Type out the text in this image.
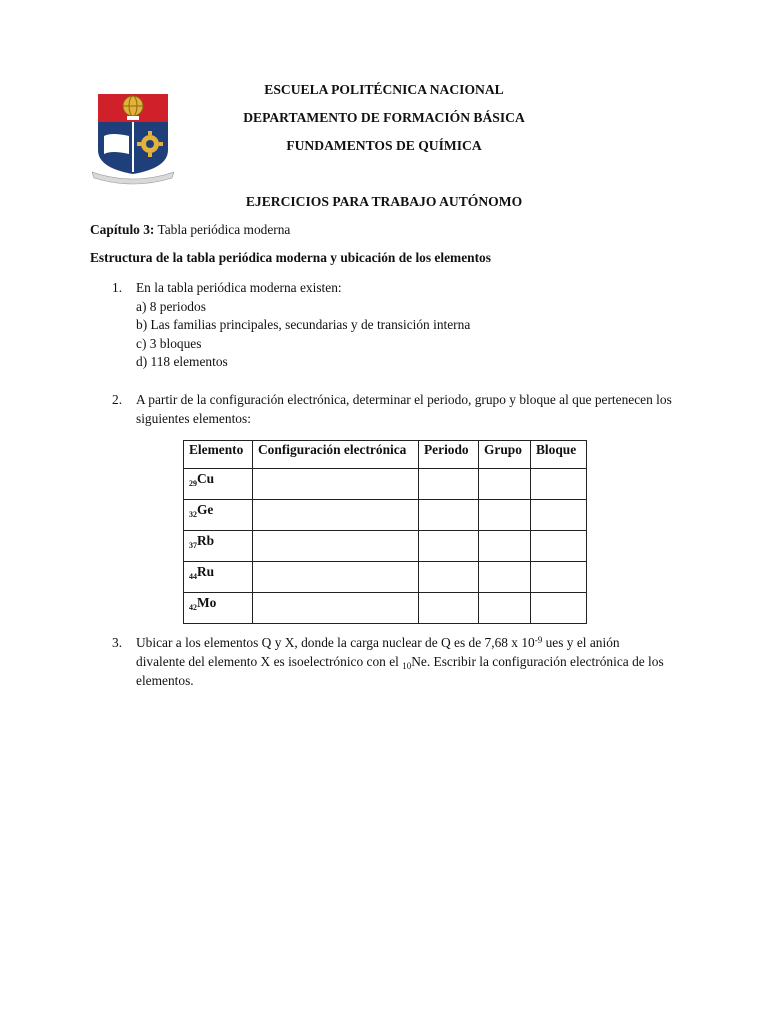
ESCUELA POLITÉCNICA NACIONAL
DEPARTAMENTO DE FORMACIÓN BÁSICA
FUNDAMENTOS DE QUÍMICA
EJERCICIOS PARA TRABAJO AUTÓNOMO
Capítulo 3: Tabla periódica moderna
Estructura de la tabla periódica moderna y ubicación de los elementos
1.	En la tabla periódica moderna existen:
a) 8 periodos
b) Las familias principales, secundarias y de transición interna
c) 3 bloques
d) 118 elementos
2.	A partir de la configuración electrónica, determinar el periodo, grupo y bloque al que pertenecen los siguientes elementos:
Elemento	Configuración electrónica	Periodo	Grupo	Bloque
$_{29}$Cu				
$_{32}$Ge				
$_{37}$Rb				
$_{44}$Ru				
$_{42}$Mo				
3.	Ubicar a los elementos Q y X, donde la carga nuclear de Q es de 7,68 x $10^{-9}$ ues y el anión divalente del elemento X es isoelectrónico con el $_{10}$Ne. Escribir la configuración electrónica de los elementos.
